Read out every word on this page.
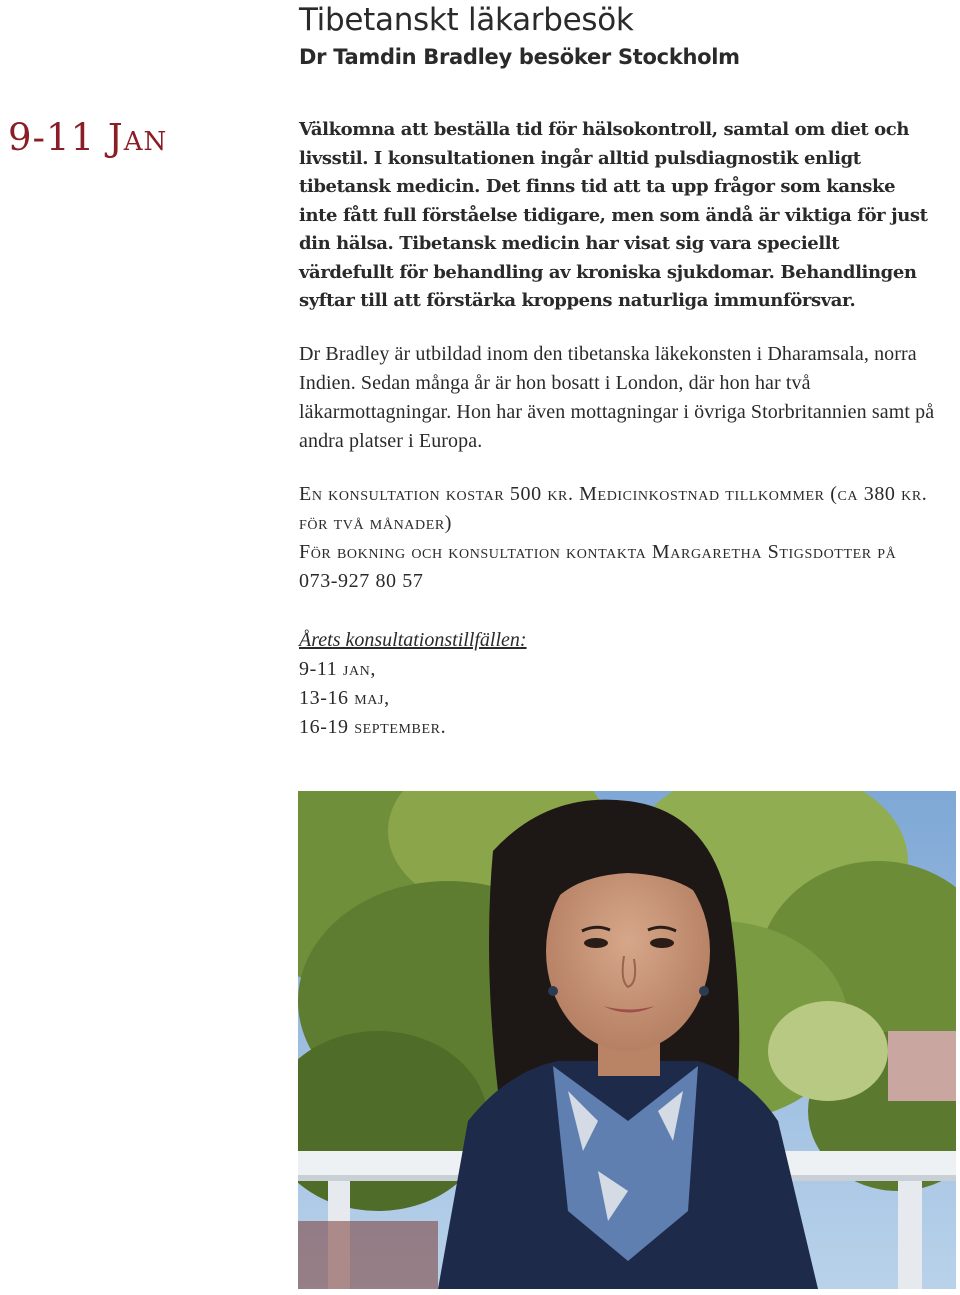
Tibetanskt läkarbesök
Dr Tamdin Bradley besöker Stockholm
9-11 Jan	Välkomna att beställa tid för hälsokontroll, samtal om diet och livsstil. I konsultationen ingår alltid pulsdiagnostik enligt tibetansk medicin. Det finns tid att ta upp frågor som kanske inte fått full förståelse tidigare, men som ändå är viktiga för just din hälsa. Tibetansk medicin har visat sig vara speciellt värdefullt för behandling av kroniska sjukdomar. Behandlingen syftar till att förstärka kroppens naturliga immunförsvar.

Dr Bradley är utbildad inom den tibetanska läkekonsten i Dharamsala, norra Indien. Sedan många år är hon bosatt i London, där hon har två läkarmottagningar. Hon har även mottagningar i övriga Storbritannien samt på andra platser i Europa.

En konsultation kostar 500 kr. Medicinkostnad tillkommer (ca 380 kr. för två månader)

För bokning och konsultation kontakta Margaretha Stigsdotter på 073-927 80 57

Årets konsultationstillfällen:

9-11 jan,

13-16 maj,

16-19 september.
